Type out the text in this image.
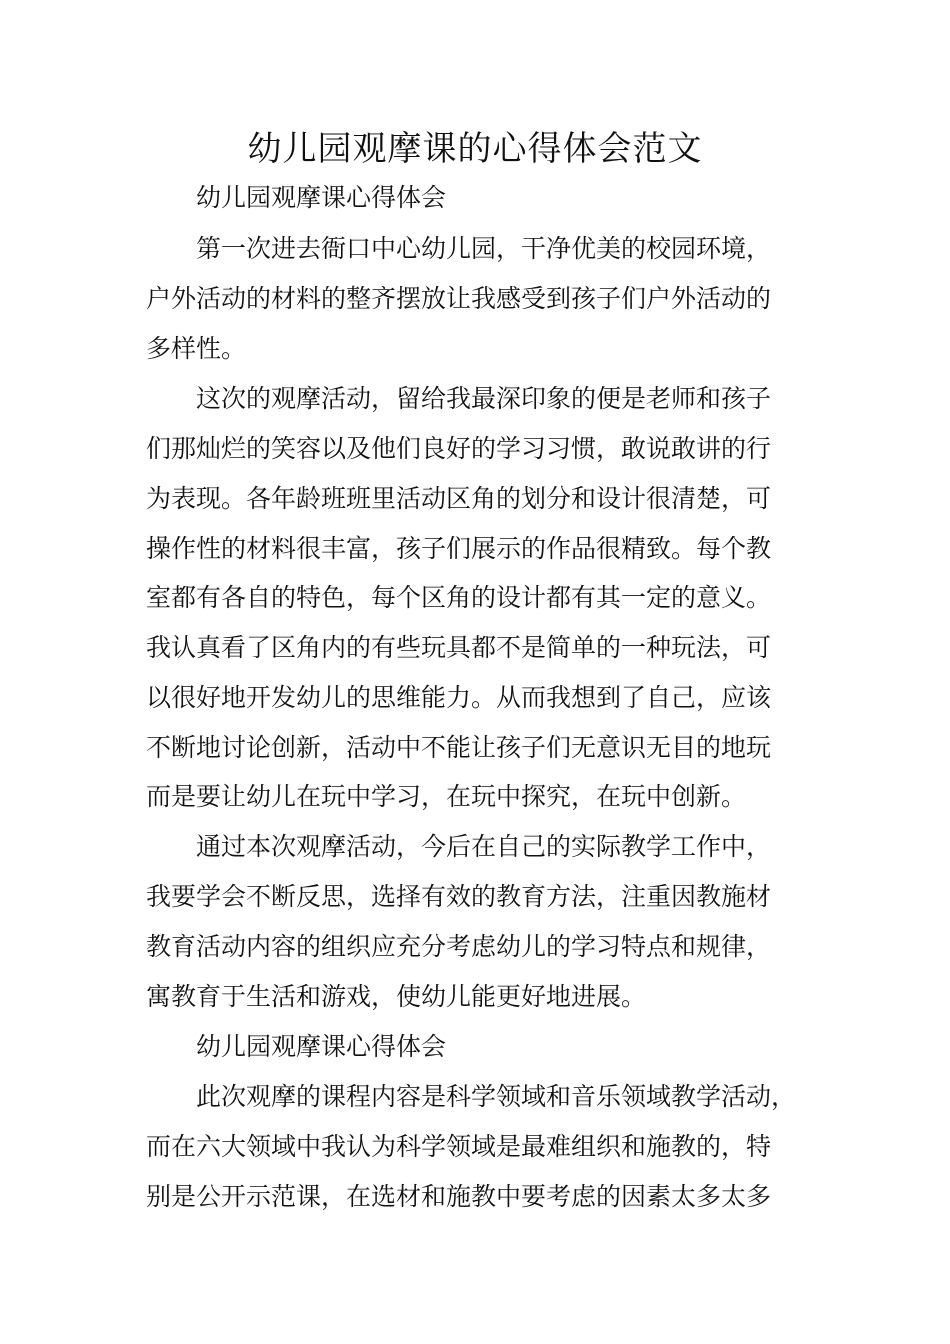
幼儿园观摩课的心得体会范文
幼儿园观摩课心得体会
第一次进去衙口中心幼儿园，干净优美的校园环境，
户外活动的材料的整齐摆放让我感受到孩子们户外活动的
多样性。
这次的观摩活动，留给我最深印象的便是老师和孩子
们那灿烂的笑容以及他们良好的学习习惯，敢说敢讲的行
为表现。各年龄班班里活动区角的划分和设计很清楚，可
操作性的材料很丰富，孩子们展示的作品很精致。每个教
室都有各自的特色，每个区角的设计都有其一定的意义。
我认真看了区角内的有些玩具都不是简单的一种玩法，可
以很好地开发幼儿的思维能力。从而我想到了自己，应该
不断地讨论创新，活动中不能让孩子们无意识无目的地玩
而是要让幼儿在玩中学习，在玩中探究，在玩中创新。
通过本次观摩活动，今后在自己的实际教学工作中，
我要学会不断反思，选择有效的教育方法，注重因教施材
教育活动内容的组织应充分考虑幼儿的学习特点和规律，
寓教育于生活和游戏，使幼儿能更好地进展。
幼儿园观摩课心得体会
此次观摩的课程内容是科学领域和音乐领域教学活动，
而在六大领域中我认为科学领域是最难组织和施教的，特
别是公开示范课，在选材和施教中要考虑的因素太多太多
